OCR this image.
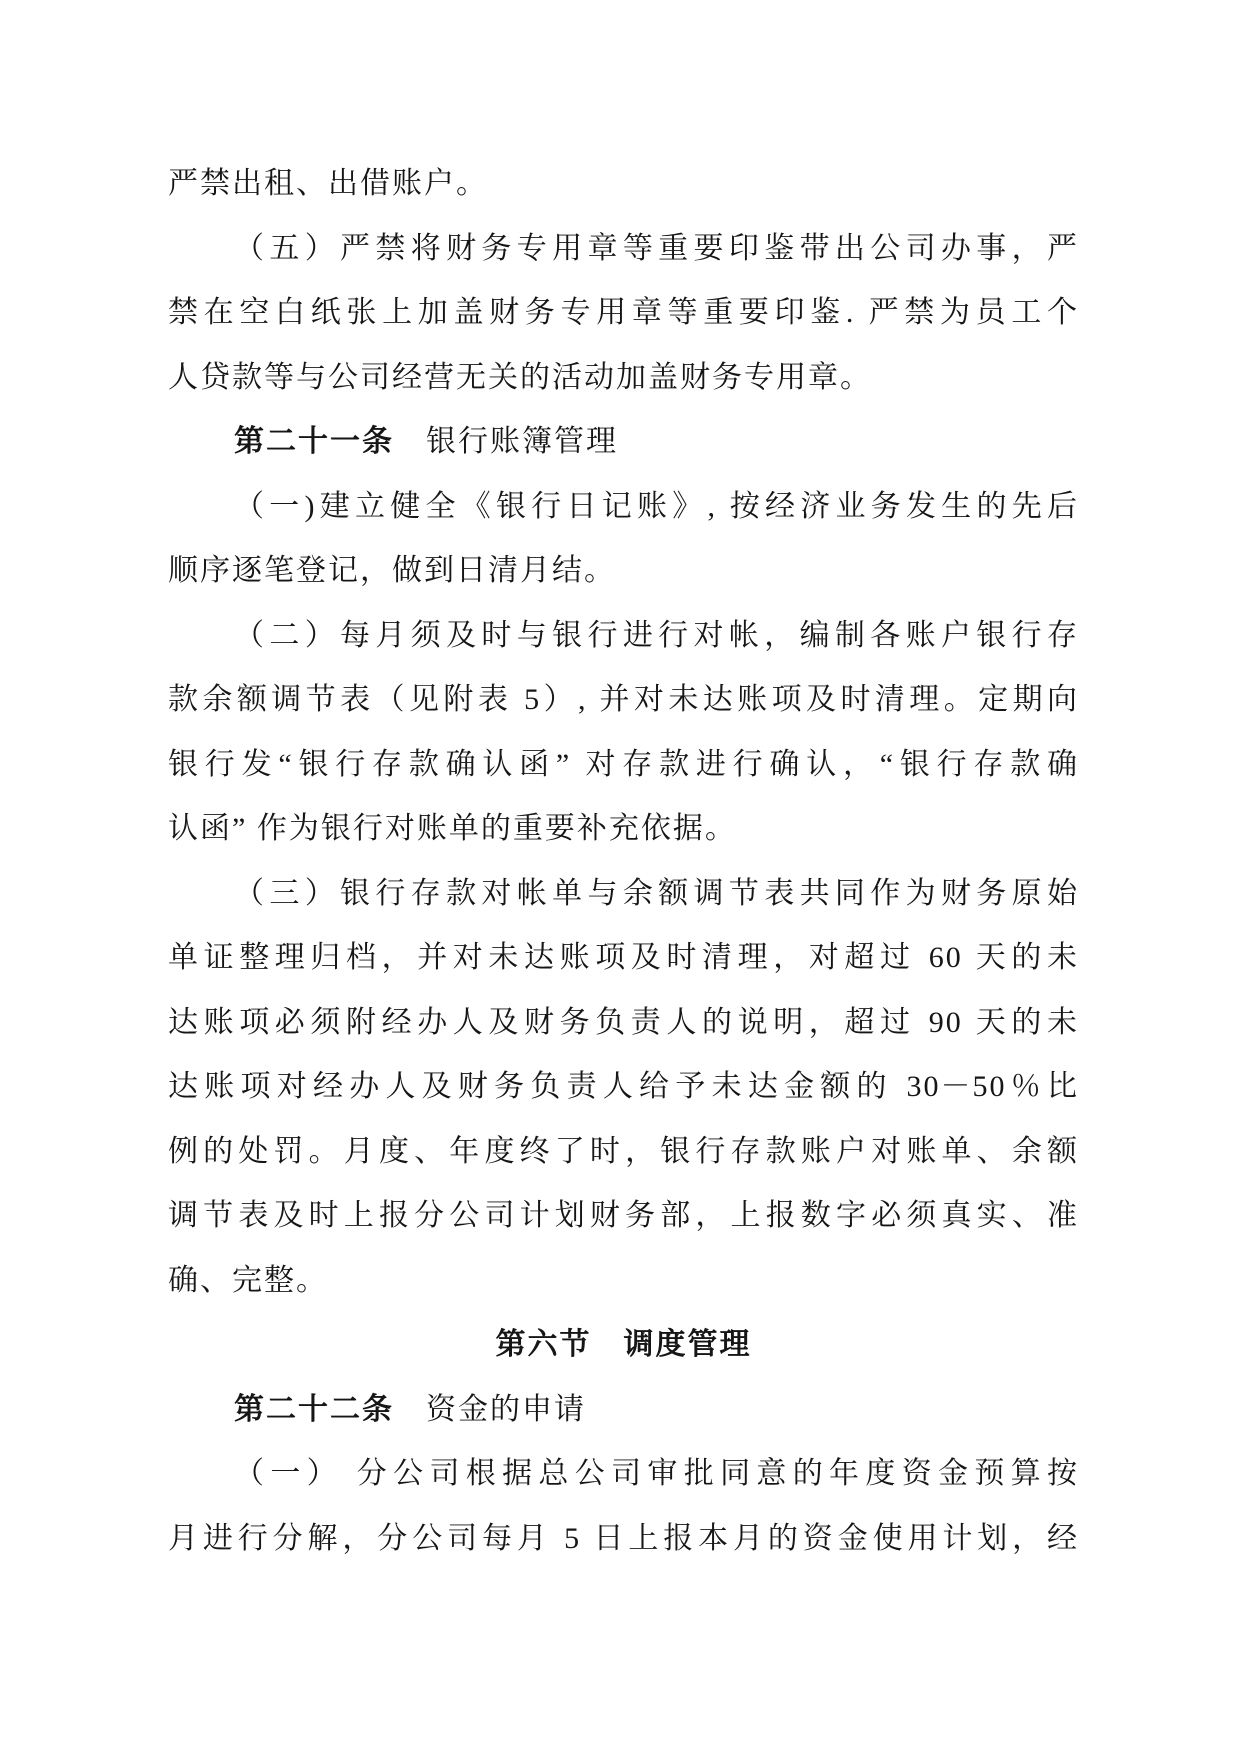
严禁出租、出借账户。
（五）严禁将财务专用章等重要印鉴带出公司办事，严
禁在空白纸张上加盖财务专用章等重要印鉴. 严禁为员工个
人贷款等与公司经营无关的活动加盖财务专用章。
第二十一条　银行账簿管理
（一)建立健全《银行日记账》, 按经济业务发生的先后
顺序逐笔登记，做到日清月结。
（二）每月须及时与银行进行对帐，编制各账户银行存
款余额调节表（见附表 5）, 并对未达账项及时清理。定期向
银行发“银行存款确认函” 对存款进行确认，“银行存款确
认函” 作为银行对账单的重要补充依据。
（三）银行存款对帐单与余额调节表共同作为财务原始
单证整理归档，并对未达账项及时清理，对超过 60 天的未
达账项必须附经办人及财务负责人的说明，超过 90 天的未
达账项对经办人及财务负责人给予未达金额的 30－50％比
例的处罚。月度、年度终了时，银行存款账户对账单、余额
调节表及时上报分公司计划财务部，上报数字必须真实、准
确、完整。
第六节　调度管理
第二十二条　资金的申请
（一） 分公司根据总公司审批同意的年度资金预算按
月进行分解，分公司每月 5 日上报本月的资金使用计划，经
